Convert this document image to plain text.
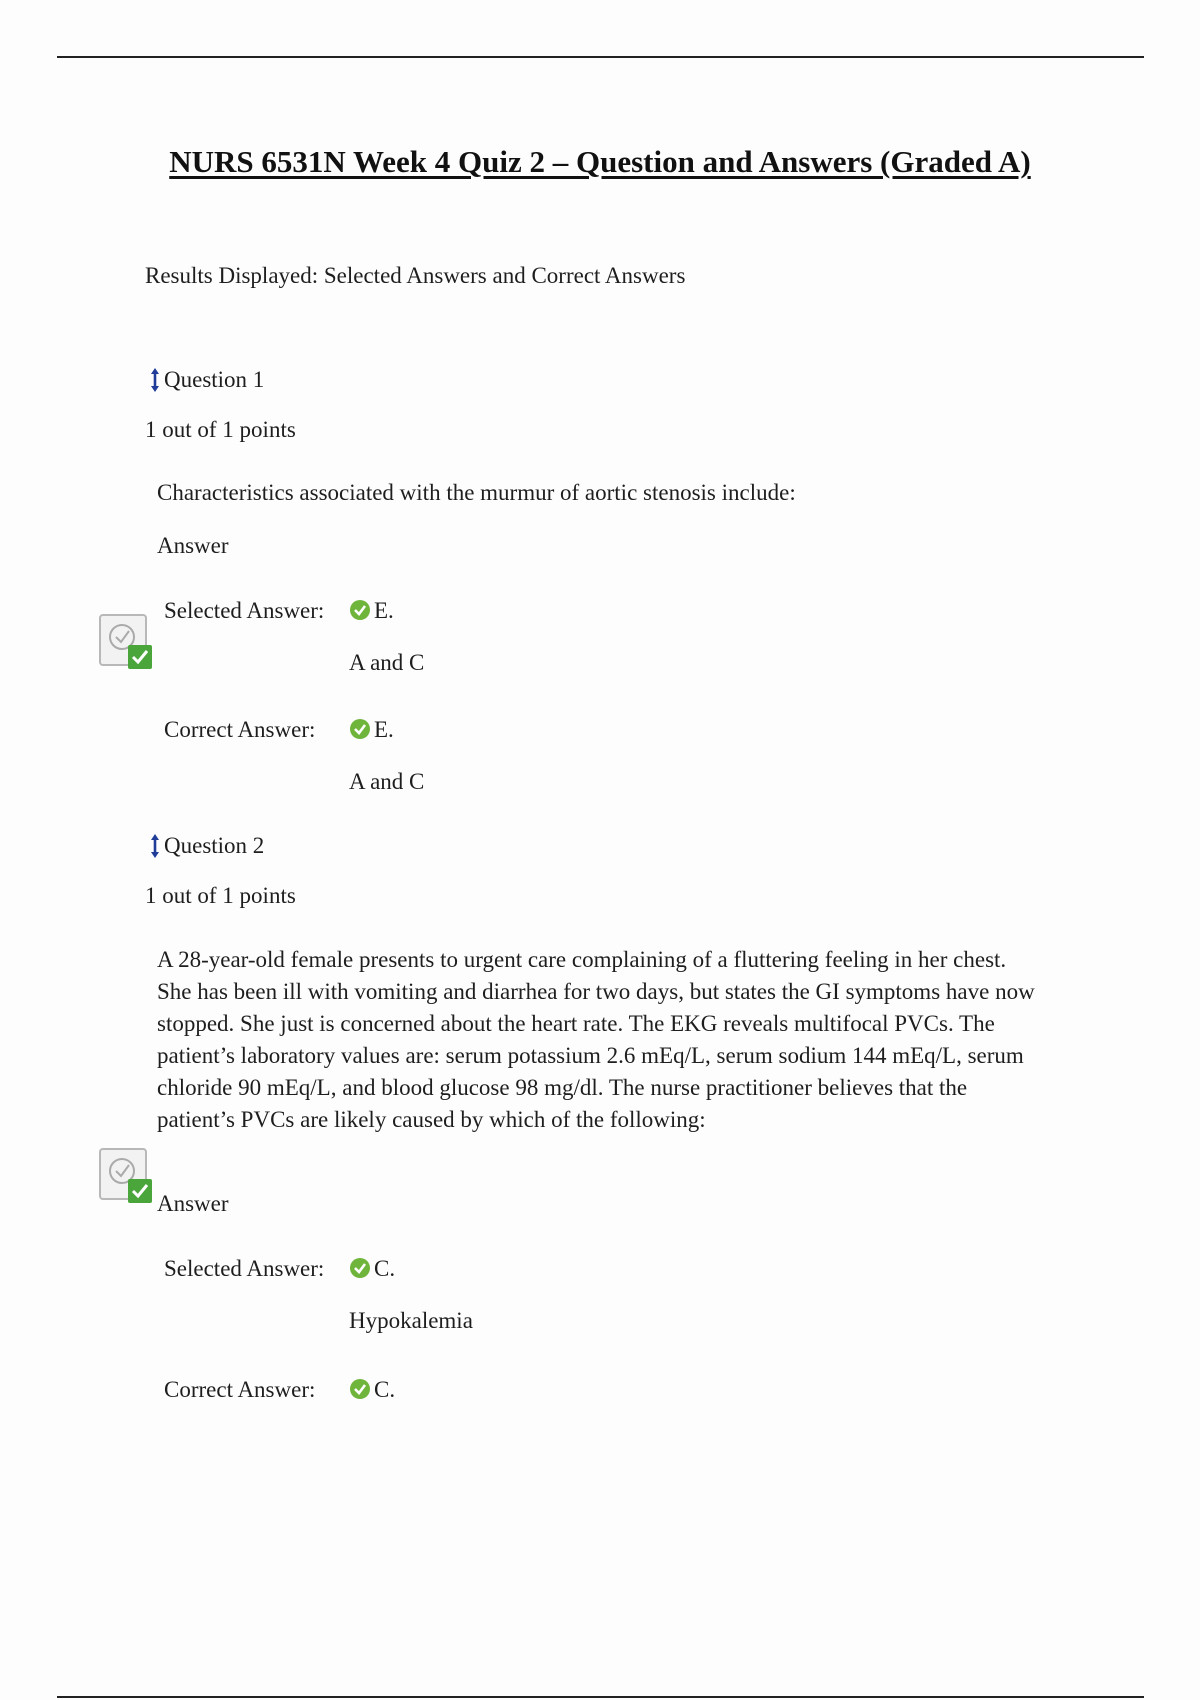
NURS 6531N Week 4 Quiz 2 – Question and Answers (Graded A)
Results Displayed: Selected Answers and Correct Answers
Question 1
1 out of 1 points
Characteristics associated with the murmur of aortic stenosis include:
Answer
Selected Answer:	E.
A and C
Correct Answer:	E.
A and C
Question 2
1 out of 1 points
A 28-year-old female presents to urgent care complaining of a fluttering feeling in her chest. She has been ill with vomiting and diarrhea for two days, but states the GI symptoms have now stopped. She just is concerned about the heart rate. The EKG reveals multifocal PVCs. The patient’s laboratory values are: serum potassium 2.6 mEq/L, serum sodium 144 mEq/L, serum chloride 90 mEq/L, and blood glucose 98 mg/dl. The nurse practitioner believes that the patient’s PVCs are likely caused by which of the following:
Answer
Selected Answer:	C.
Hypokalemia
Correct Answer:	C.
